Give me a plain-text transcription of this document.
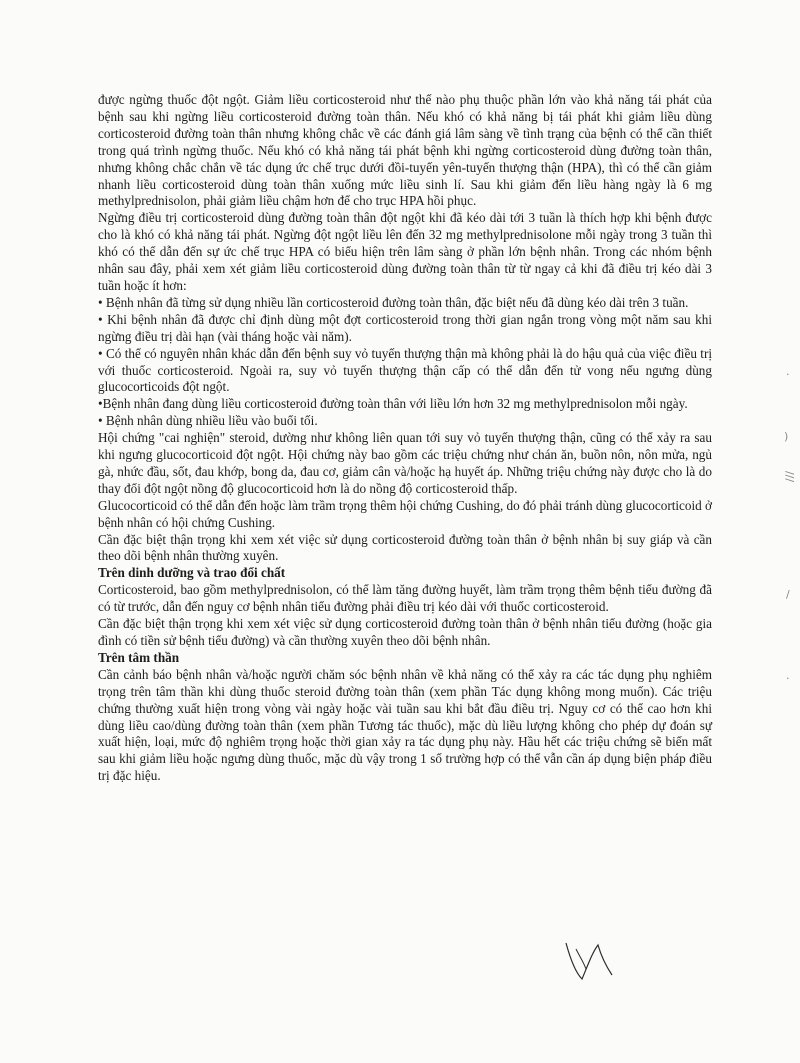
được ngừng thuốc đột ngột. Giảm liều corticosteroid như thế nào phụ thuộc phần lớn vào khả năng tái phát của bệnh sau khi ngừng liều corticosteroid đường toàn thân. Nếu khó có khả năng bị tái phát khi giảm liều dùng corticosteroid đường toàn thân nhưng không chắc về các đánh giá lâm sàng về tình trạng của bệnh có thể cần thiết trong quá trình ngừng thuốc. Nếu khó có khả năng tái phát bệnh khi ngừng corticosteroid dùng đường toàn thân, nhưng không chắc chắn về tác dụng ức chế trục dưới đồi-tuyến yên-tuyến thượng thận (HPA), thì có thể cần giảm nhanh liều corticosteroid dùng toàn thân xuống mức liều sinh lí. Sau khi giảm đến liều hàng ngày là 6 mg methylprednisolon, phải giảm liều chậm hơn để cho trục HPA hồi phục.

Ngừng điều trị corticosteroid dùng đường toàn thân đột ngột khi đã kéo dài tới 3 tuần là thích hợp khi bệnh được cho là khó có khả năng tái phát. Ngừng đột ngột liều lên đến 32 mg methylprednisolone mỗi ngày trong 3 tuần thì khó có thể dẫn đến sự ức chế trục HPA có biểu hiện trên lâm sàng ở phần lớn bệnh nhân. Trong các nhóm bệnh nhân sau đây, phải xem xét giảm liều corticosteroid dùng đường toàn thân từ từ ngay cả khi đã điều trị kéo dài 3 tuần hoặc ít hơn:

• Bệnh nhân đã từng sử dụng nhiều lần corticosteroid đường toàn thân, đặc biệt nếu đã dùng kéo dài trên 3 tuần.

• Khi bệnh nhân đã được chỉ định dùng một đợt corticosteroid trong thời gian ngắn trong vòng một năm sau khi ngừng điều trị dài hạn (vài tháng hoặc vài năm).

• Có thể có nguyên nhân khác dẫn đến bệnh suy vỏ tuyến thượng thận mà không phải là do hậu quả của việc điều trị với thuốc corticosteroid. Ngoài ra, suy vỏ tuyến thượng thận cấp có thể dẫn đến tử vong nếu ngưng dùng glucocorticoids đột ngột.

•Bệnh nhân đang dùng liều corticosteroid đường toàn thân với liều lớn hơn 32 mg methylprednisolon mỗi ngày.

• Bệnh nhân dùng nhiều liều vào buổi tối.

Hội chứng "cai nghiện" steroid, dường như không liên quan tới suy vỏ tuyến thượng thận, cũng có thể xảy ra sau khi ngưng glucocorticoid đột ngột. Hội chứng này bao gồm các triệu chứng như chán ăn, buồn nôn, nôn mửa, ngủ gà, nhức đầu, sốt, đau khớp, bong da, đau cơ, giảm cân và/hoặc hạ huyết áp. Những triệu chứng này được cho là do thay đổi đột ngột nồng độ glucocorticoid hơn là do nồng độ corticosteroid thấp.

Glucocorticoid có thể dẫn đến hoặc làm trầm trọng thêm hội chứng Cushing, do đó phải tránh dùng glucocorticoid ở bệnh nhân có hội chứng Cushing.

Cần đặc biệt thận trọng khi xem xét việc sử dụng corticosteroid đường toàn thân ở bệnh nhân bị suy giáp và cần theo dõi bệnh nhân thường xuyên.

Trên dinh dưỡng và trao đổi chất

Corticosteroid, bao gồm methylprednisolon, có thể làm tăng đường huyết, làm trầm trọng thêm bệnh tiểu đường đã có từ trước, dẫn đến nguy cơ bệnh nhân tiểu đường phải điều trị kéo dài với thuốc corticosteroid.

Cần đặc biệt thận trọng khi xem xét việc sử dụng corticosteroid đường toàn thân ở bệnh nhân tiểu đường (hoặc gia đình có tiền sử bệnh tiểu đường) và cần thường xuyên theo dõi bệnh nhân.

Trên tâm thần

Cần cảnh báo bệnh nhân và/hoặc người chăm sóc bệnh nhân về khả năng có thể xảy ra các tác dụng phụ nghiêm trọng trên tâm thần khi dùng thuốc steroid đường toàn thân (xem phần Tác dụng không mong muốn). Các triệu chứng thường xuất hiện trong vòng vài ngày hoặc vài tuần sau khi bắt đầu điều trị. Nguy cơ có thể cao hơn khi dùng liều cao/dùng đường toàn thân (xem phần Tương tác thuốc), mặc dù liều lượng không cho phép dự đoán sự xuất hiện, loại, mức độ nghiêm trọng hoặc thời gian xảy ra tác dụng phụ này. Hầu hết các triệu chứng sẽ biến mất sau khi giảm liều hoặc ngưng dùng thuốc, mặc dù vậy trong 1 số trường hợp có thể vẫn cần áp dụng biện pháp điều trị đặc hiệu.

·
)
///
/
·
